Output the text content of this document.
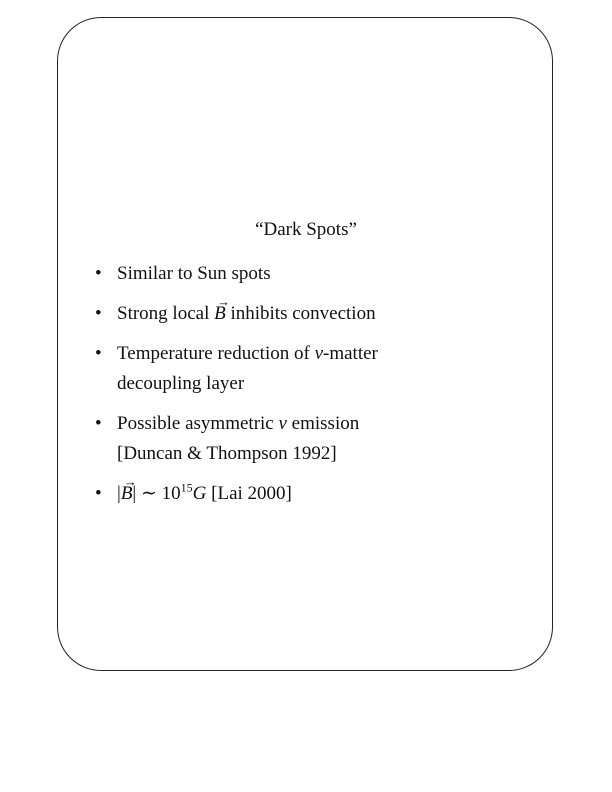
“Dark Spots”
• Similar to Sun spots
• Strong local
→
B inhibits convection
• Temperature reduction of ν-matter
decoupling layer
• Possible asymmetric ν emission
[Duncan & Thompson 1992]
• |
→
B| ∼ $10^{15}G$ [Lai 2000]
